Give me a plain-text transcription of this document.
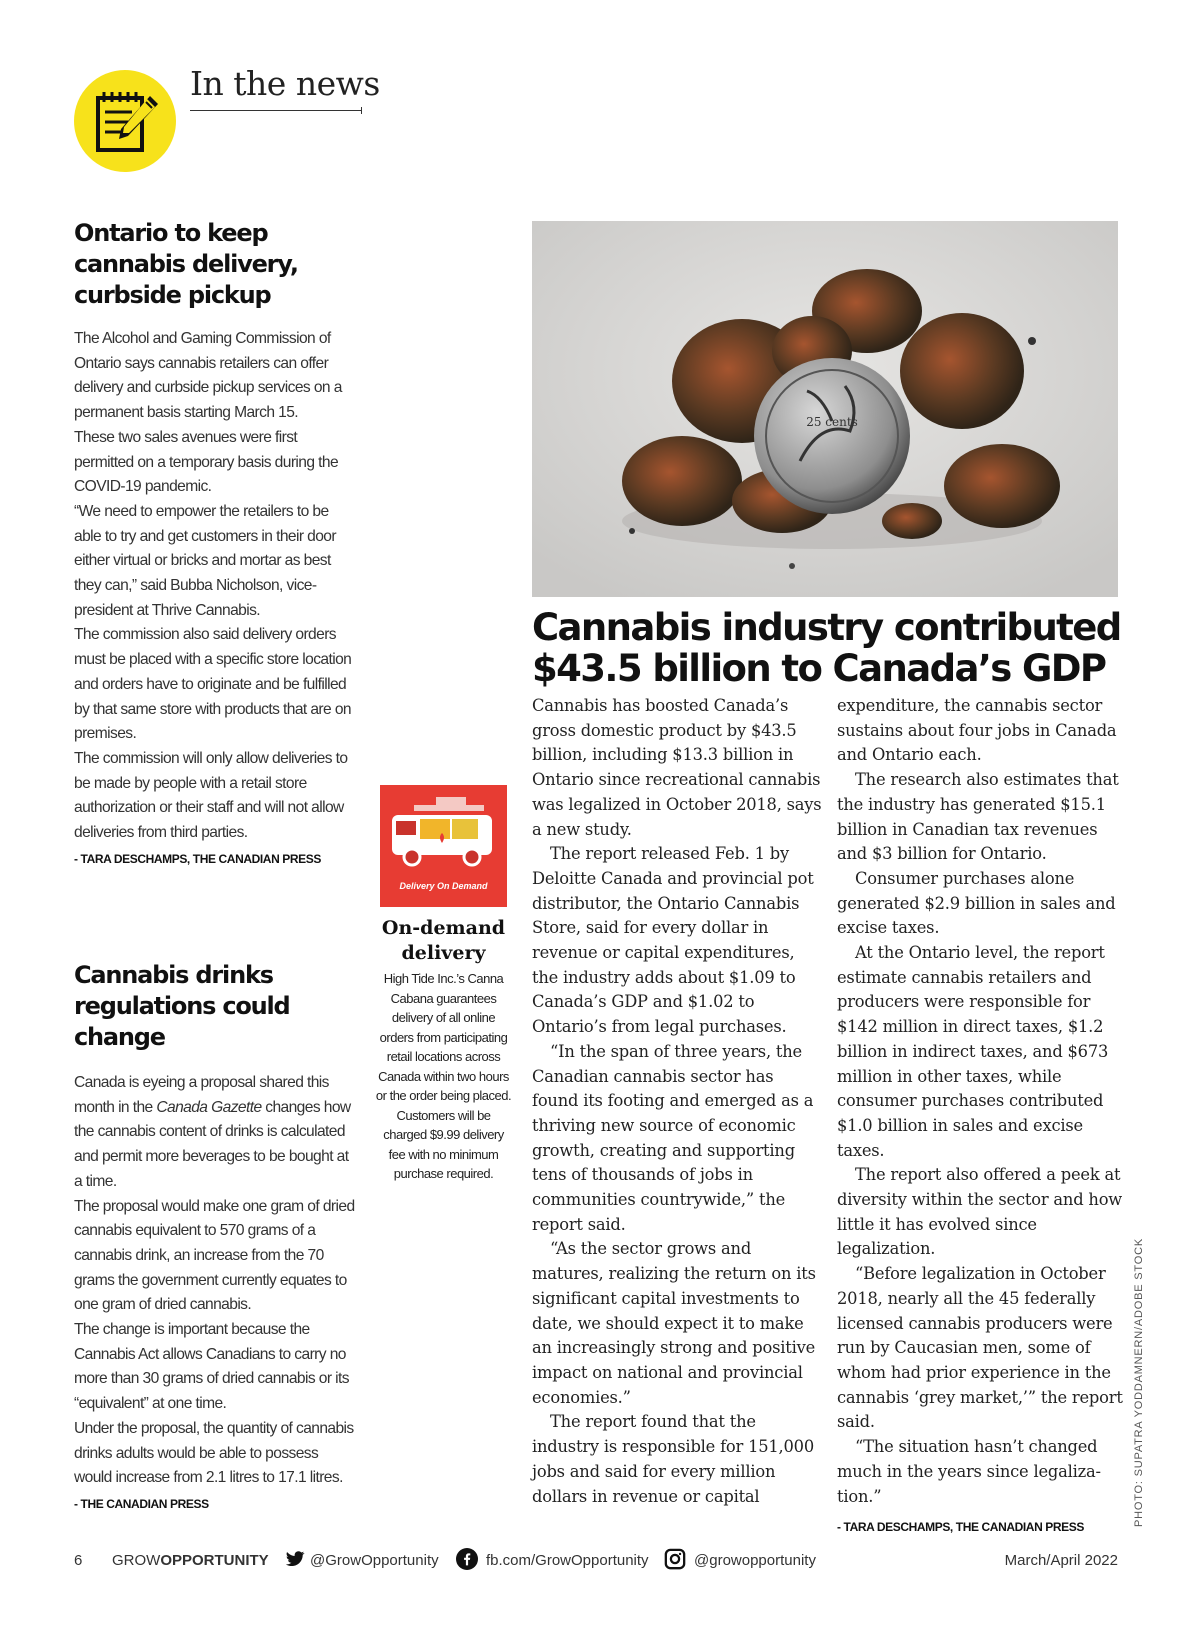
In the news
Ontario to keep cannabis delivery, curbside pickup

The Alcohol and Gaming Commission of Ontario says cannabis retailers can offer delivery and curbside pickup services on a permanent basis starting March 15.

These two sales avenues were first permitted on a temporary basis during the COVID-19 pandemic.

“We need to empower the retailers to be able to try and get customers in their door either virtual or bricks and mortar as best they can,” said Bubba Nicholson, vice-president at Thrive Cannabis.

The commission also said delivery orders must be placed with a specific store location and orders have to originate and be fulfilled by that same store with products that are on premises.

The commission will only allow deliveries to be made by people with a retail store authorization or their staff and will not allow deliveries from third parties.

- TARA DESCHAMPS, THE CANADIAN PRESS

Cannabis drinks regulations could change

Canada is eyeing a proposal shared this month in the Canada Gazette changes how the cannabis content of drinks is calculated and permit more beverages to be bought at a time.

The proposal would make one gram of dried cannabis equivalent to 570 grams of a cannabis drink, an increase from the 70 grams the government currently equates to one gram of dried cannabis.

The change is important because the Cannabis Act allows Canadians to carry no more than 30 grams of dried cannabis or its “equivalent” at one time.

Under the proposal, the quantity of cannabis drinks adults would be able to possess would increase from 2.1 litres to 17.1 litres.

- THE CANADIAN PRESS

Delivery On Demand
On-demand delivery
High Tide Inc.’s Canna Cabana guarantees delivery of all online orders from participating retail locations across Canada within two hours or the order being placed. Customers will be charged $9.99 delivery fee with no minimum purchase required.
25 cents
Cannabis industry contributed $43.5 billion to Canada’s GDP

Cannabis has boosted Canada’s gross domestic product by $43.5 billion, including $13.3 billion in Ontario since recreational cannabis was legalized in October 2018, says a new study.

The report released Feb. 1 by Deloitte Canada and provincial pot distributor, the Ontario Cannabis Store, said for every dollar in revenue or capital expenditures, the industry adds about $1.09 to Canada’s GDP and $1.02 to Ontario’s from legal purchases.

“In the span of three years, the Canadian cannabis sector has found its footing and emerged as a thriving new source of economic growth, creating and supporting tens of thousands of jobs in communities countrywide,” the report said.

“As the sector grows and matures, realizing the return on its significant capital investments to date, we should expect it to make an increasingly strong and positive impact on national and provincial economies.”

The report found that the industry is responsible for 151,000 jobs and said for every million dollars in revenue or capital

expenditure, the cannabis sector sustains about four jobs in Canada and Ontario each.

The research also estimates that the industry has generated $15.1 billion in Canadian tax revenues and $3 billion for Ontario.

Consumer purchases alone generated $2.9 billion in sales and excise taxes.

At the Ontario level, the report estimate cannabis retailers and producers were responsible for $142 million in direct taxes, $1.2 billion in indirect taxes, and $673 million in other taxes, while consumer purchases contributed $1.0 billion in sales and excise taxes.

The report also offered a peek at diversity within the sector and how little it has evolved since legalization.

“Before legalization in October 2018, nearly all the 45 federally licensed cannabis producers were run by Caucasian men, some of whom had prior experience in the cannabis ‘grey market,’” the report said.

“The situation hasn’t changed much in the years since legaliza-tion.”

- TARA DESCHAMPS, THE CANADIAN PRESS

PHOTO: SUPATRA YODDAMNERN/ADOBE STOCK
6 GROWOPPORTUNITY	@GrowOpportunity	fb.com/GrowOpportunity	@growopportunity	March/April 2022
